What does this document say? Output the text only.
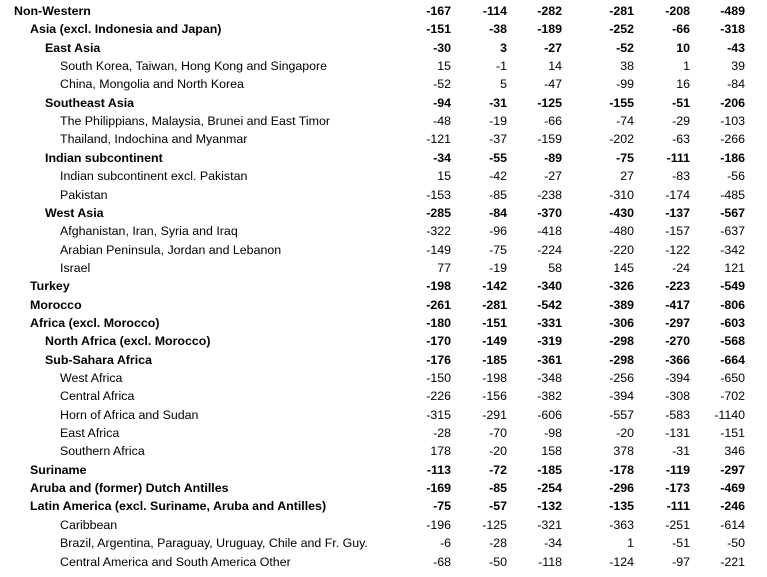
Non-Western	-167	-114	-282	-281	-208	-489
Asia (excl. Indonesia and Japan)	-151	-38	-189	-252	-66	-318
East Asia	-30	3	-27	-52	10	-43
South Korea, Taiwan, Hong Kong and Singapore	15	-1	14	38	1	39
China, Mongolia and North Korea	-52	5	-47	-99	16	-84
Southeast Asia	-94	-31	-125	-155	-51	-206
The Philippians, Malaysia, Brunei and East Timor	-48	-19	-66	-74	-29	-103
Thailand, Indochina and Myanmar	-121	-37	-159	-202	-63	-266
Indian subcontinent	-34	-55	-89	-75	-111	-186
Indian subcontinent excl. Pakistan	15	-42	-27	27	-83	-56
Pakistan	-153	-85	-238	-310	-174	-485
West Asia	-285	-84	-370	-430	-137	-567
Afghanistan, Iran, Syria and Iraq	-322	-96	-418	-480	-157	-637
Arabian Peninsula, Jordan and Lebanon	-149	-75	-224	-220	-122	-342
Israel	77	-19	58	145	-24	121
Turkey	-198	-142	-340	-326	-223	-549
Morocco	-261	-281	-542	-389	-417	-806
Africa (excl. Morocco)	-180	-151	-331	-306	-297	-603
North Africa (excl. Morocco)	-170	-149	-319	-298	-270	-568
Sub-Sahara Africa	-176	-185	-361	-298	-366	-664
West Africa	-150	-198	-348	-256	-394	-650
Central Africa	-226	-156	-382	-394	-308	-702
Horn of Africa and Sudan	-315	-291	-606	-557	-583	-1140
East Africa	-28	-70	-98	-20	-131	-151
Southern Africa	178	-20	158	378	-31	346
Suriname	-113	-72	-185	-178	-119	-297
Aruba and (former) Dutch Antilles	-169	-85	-254	-296	-173	-469
Latin America (excl. Suriname, Aruba and Antilles)	-75	-57	-132	-135	-111	-246
Caribbean	-196	-125	-321	-363	-251	-614
Brazil, Argentina, Paraguay, Uruguay, Chile and Fr. Guy.	-6	-28	-34	1	-51	-50
Central America and South America Other	-68	-50	-118	-124	-97	-221
